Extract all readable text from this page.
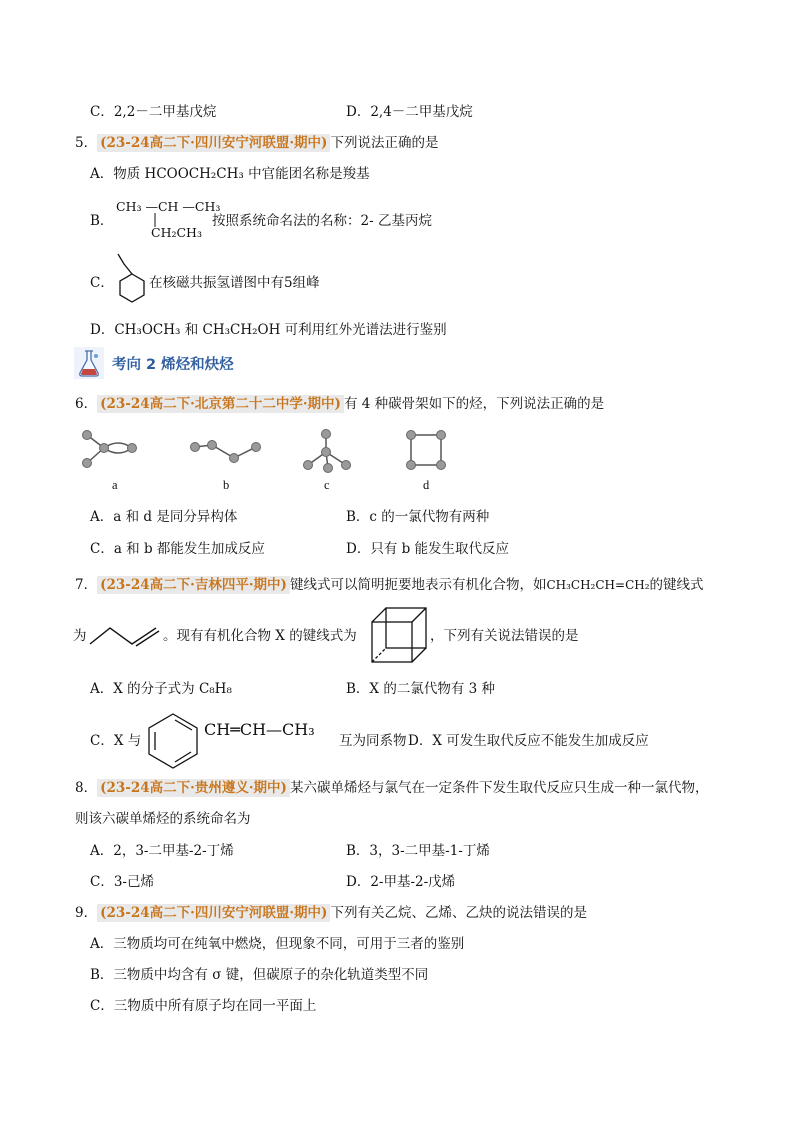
C．2,2－二甲基戊烷	D．2,4－二甲基戊烷
5． (23-24高二下·四川安宁河联盟·期中) 下列说法正确的是
A．物质 HCOOCH₂CH₃ 中官能团名称是羧基
B．
CH₃ —CH —CH₃
CH₂CH₃
按照系统命名法的名称：2- 乙基丙烷
C．	在核磁共振氢谱图中有5组峰
D．CH₃OCH₃ 和 CH₃CH₂OH 可利用红外光谱法进行鉴别
考向 2 烯烃和炔烃
6． (23-24高二下·北京第二十二中学·期中) 有 4 种碳骨架如下的烃，下列说法正确的是
a	b	c	d
A．a 和 d 是同分异构体	B．c 的一氯代物有两种
C．a 和 b 都能发生加成反应	D．只有 b 能发生取代反应
7． (23-24高二下·吉林四平·期中) 键线式可以简明扼要地表示有机化合物，如CH₃CH₂CH=CH₂的键线式
为	。现有有机化合物 X 的键线式为	，下列有关说法错误的是
A．X 的分子式为 C₈H₈	B．X 的二氯代物有 3 种
C．X 与
CH═CH—CH₃
互为同系物 D．X 可发生取代反应不能发生加成反应
8． (23-24高二下·贵州遵义·期中) 某六碳单烯烃与氯气在一定条件下发生取代反应只生成一种一氯代物，
则该六碳单烯烃的系统命名为
A．2，3-二甲基-2-丁烯	B．3，3-二甲基-1-丁烯
C．3-己烯	D．2-甲基-2-戊烯
9． (23-24高二下·四川安宁河联盟·期中) 下列有关乙烷、乙烯、乙炔的说法错误的是
A．三物质均可在纯氧中燃烧，但现象不同，可用于三者的鉴别
B．三物质中均含有 σ 键，但碳原子的杂化轨道类型不同
C．三物质中所有原子均在同一平面上
